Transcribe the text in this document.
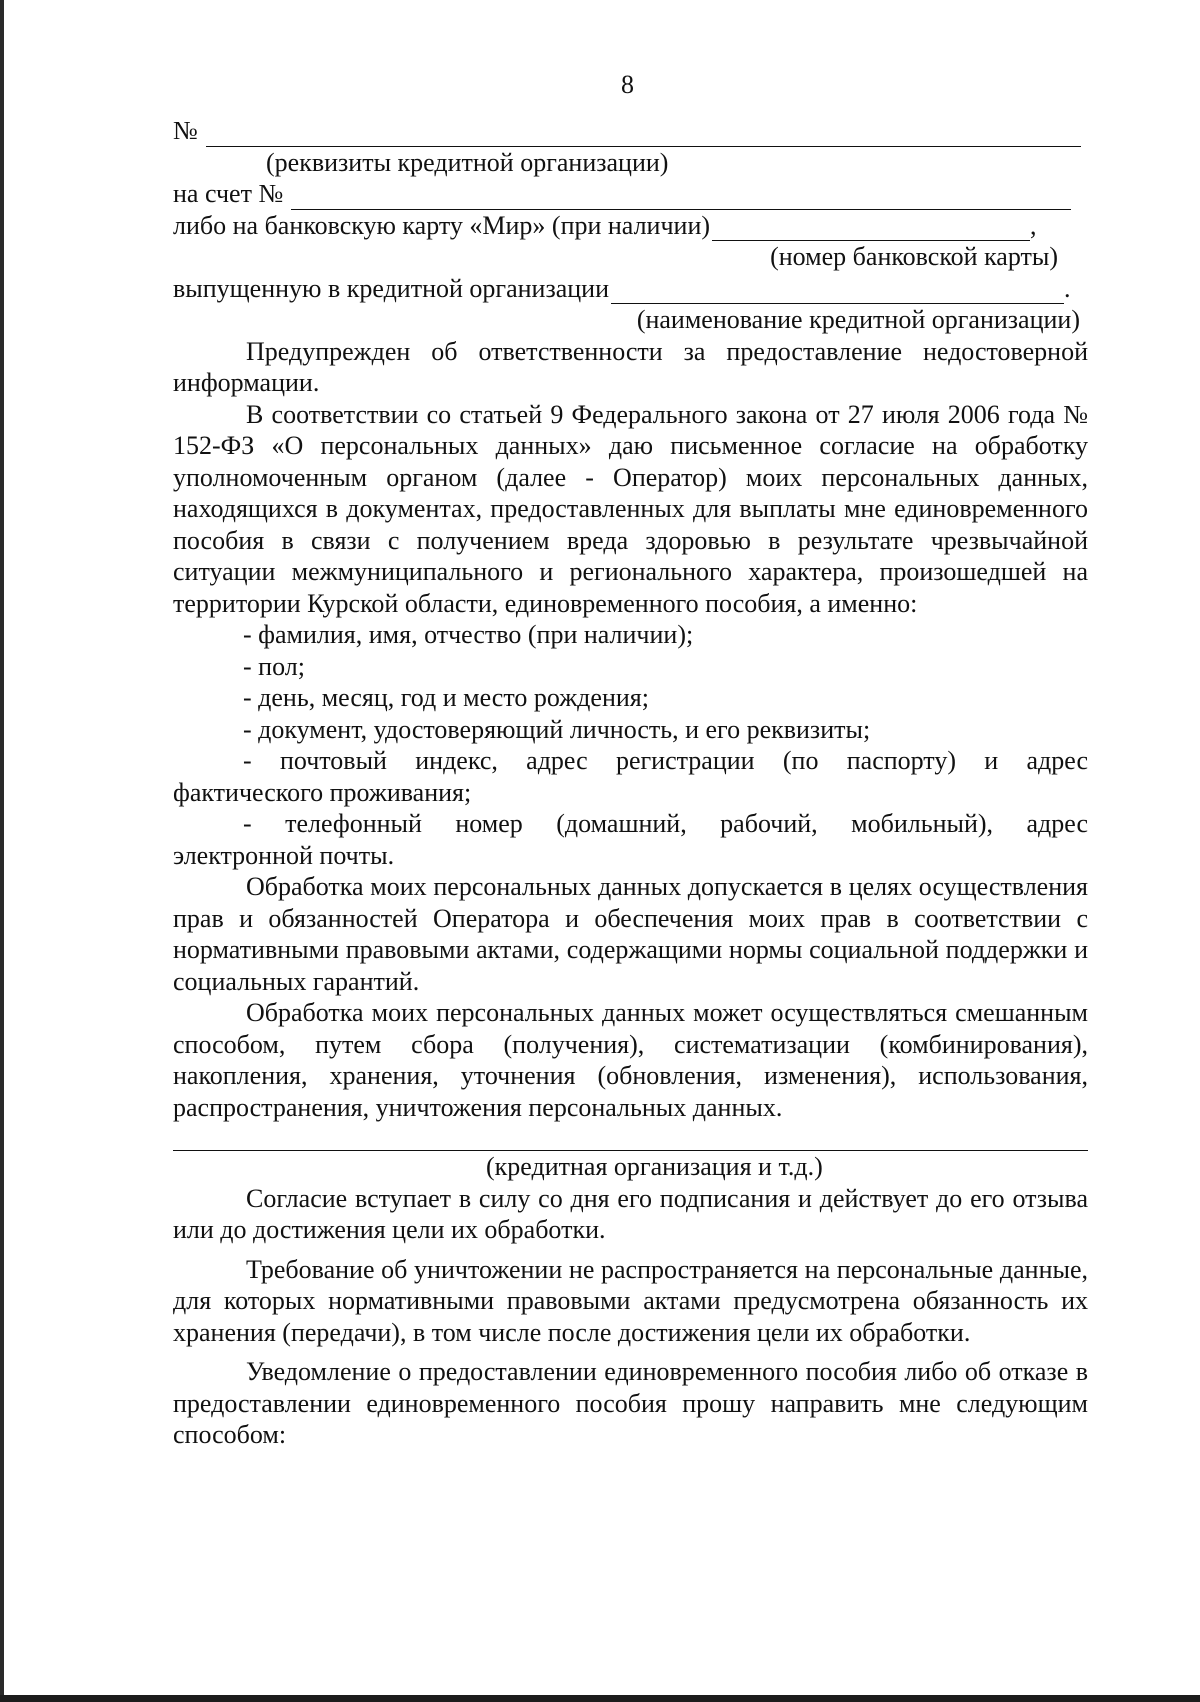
8

№

(реквизиты кредитной организации)

на счет №

либо на банковскую карту «Мир» (при наличии)	,

(номер банковской карты)

выпущенную в кредитной организации	.

(наименование кредитной организации)

Предупрежден об ответственности за предоставление недостоверной информации.

В соответствии со статьей 9 Федерального закона от 27 июля 2006 года № 152-ФЗ «О персональных данных» даю письменное согласие на обработку уполномоченным органом (далее - Оператор) моих персональных данных, находящихся в документах, предоставленных для выплаты мне единовременного пособия в связи с получением вреда здоровью в результате чрезвычайной ситуации межмуниципального и регионального характера, произошедшей на территории Курской области, единовременного пособия, а именно:

- фамилия, имя, отчество (при наличии);

- пол;

- день, месяц, год и место рождения;

- документ, удостоверяющий личность, и его реквизиты;

- почтовый индекс, адрес регистрации (по паспорту) и адрес

фактического проживания;

- телефонный номер (домашний, рабочий, мобильный), адрес

электронной почты.

Обработка моих персональных данных допускается в целях осуществления прав и обязанностей Оператора и обеспечения моих прав в соответствии с нормативными правовыми актами, содержащими нормы социальной поддержки и социальных гарантий.

Обработка моих персональных данных может осуществляться смешанным способом, путем сбора (получения), систематизации (комбинирования), накопления, хранения, уточнения (обновления, изменения), использования, распространения, уничтожения персональных данных.

(кредитная организация и т.д.)

Согласие вступает в силу со дня его подписания и действует до его отзыва или до достижения цели их обработки.

Требование об уничтожении не распространяется на персональные данные, для которых нормативными правовыми актами предусмотрена обязанность их хранения (передачи), в том числе после достижения цели их обработки.

Уведомление о предоставлении единовременного пособия либо об отказе в предоставлении единовременного пособия прошу направить мне следующим способом:
